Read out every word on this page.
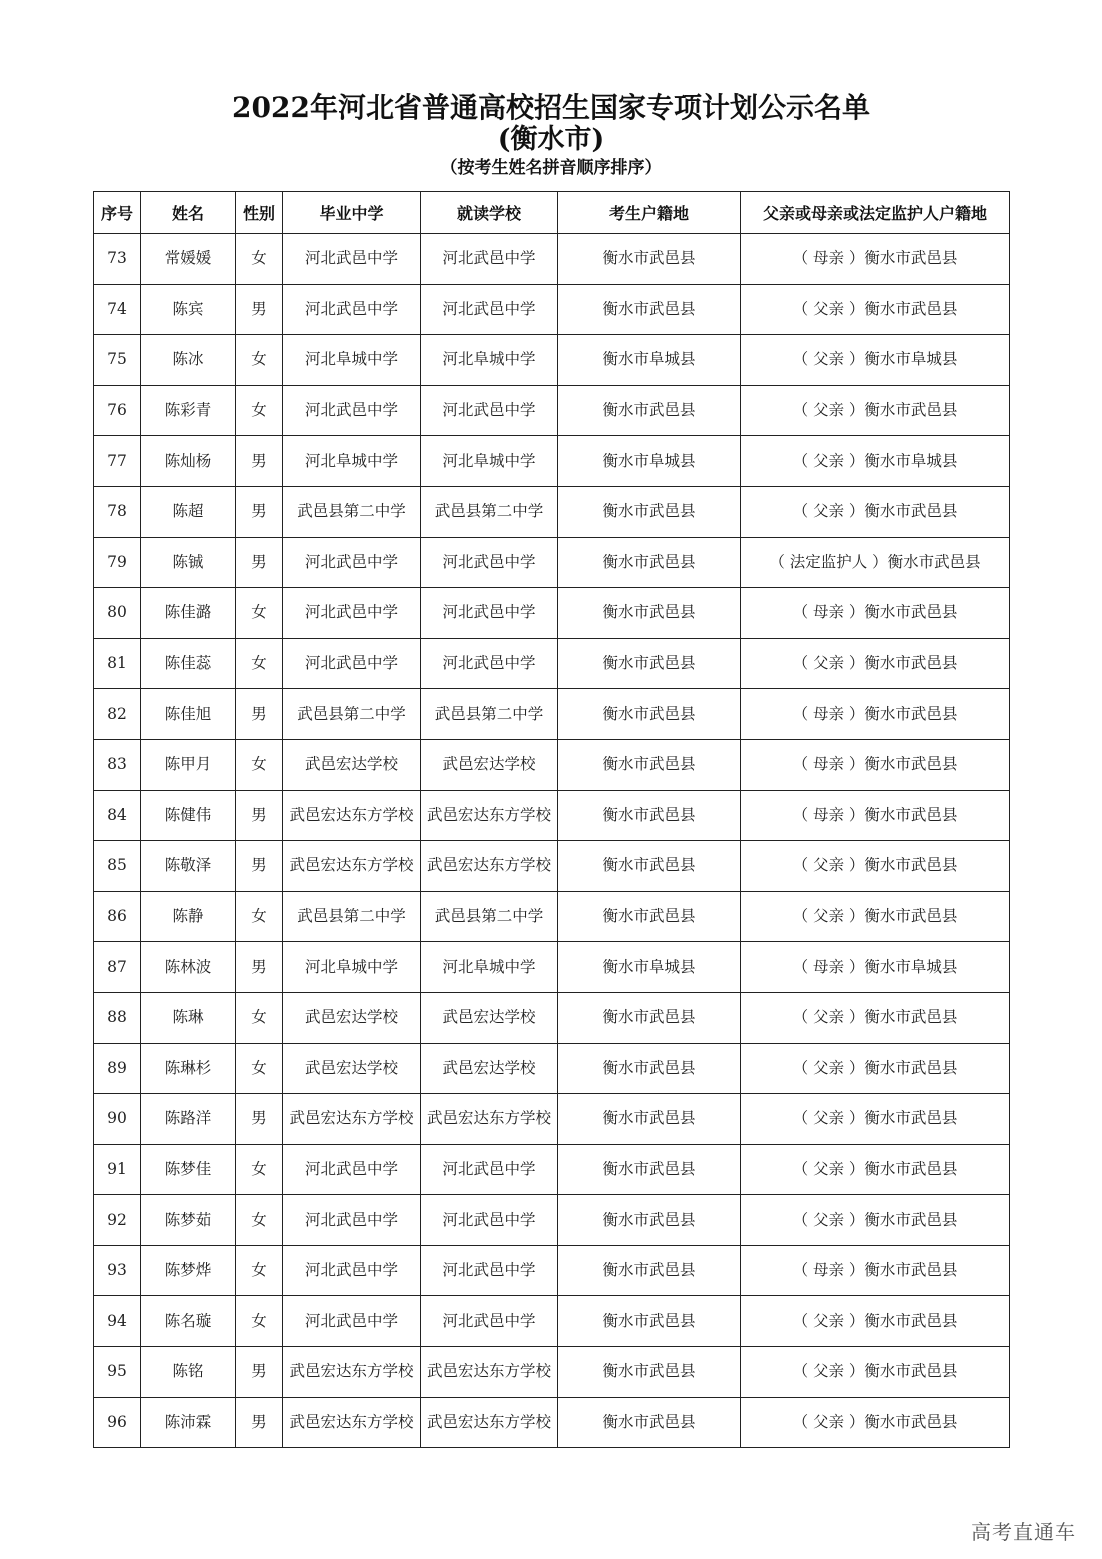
2022年河北省普通高校招生国家专项计划公示名单
(衡水市)
（按考生姓名拼音顺序排序）
序号	姓名	性别	毕业中学	就读学校	考生户籍地	父亲或母亲或法定监护人户籍地
73	常媛媛	女	河北武邑中学	河北武邑中学	衡水市武邑县	（ 母亲 ）衡水市武邑县
74	陈宾	男	河北武邑中学	河北武邑中学	衡水市武邑县	（ 父亲 ）衡水市武邑县
75	陈冰	女	河北阜城中学	河北阜城中学	衡水市阜城县	（ 父亲 ）衡水市阜城县
76	陈彩青	女	河北武邑中学	河北武邑中学	衡水市武邑县	（ 父亲 ）衡水市武邑县
77	陈灿杨	男	河北阜城中学	河北阜城中学	衡水市阜城县	（ 父亲 ）衡水市阜城县
78	陈超	男	武邑县第二中学	武邑县第二中学	衡水市武邑县	（ 父亲 ）衡水市武邑县
79	陈铖	男	河北武邑中学	河北武邑中学	衡水市武邑县	（ 法定监护人 ）衡水市武邑县
80	陈佳潞	女	河北武邑中学	河北武邑中学	衡水市武邑县	（ 母亲 ）衡水市武邑县
81	陈佳蕊	女	河北武邑中学	河北武邑中学	衡水市武邑县	（ 父亲 ）衡水市武邑县
82	陈佳旭	男	武邑县第二中学	武邑县第二中学	衡水市武邑县	（ 母亲 ）衡水市武邑县
83	陈甲月	女	武邑宏达学校	武邑宏达学校	衡水市武邑县	（ 母亲 ）衡水市武邑县
84	陈健伟	男	武邑宏达东方学校	武邑宏达东方学校	衡水市武邑县	（ 母亲 ）衡水市武邑县
85	陈敬泽	男	武邑宏达东方学校	武邑宏达东方学校	衡水市武邑县	（ 父亲 ）衡水市武邑县
86	陈静	女	武邑县第二中学	武邑县第二中学	衡水市武邑县	（ 父亲 ）衡水市武邑县
87	陈林波	男	河北阜城中学	河北阜城中学	衡水市阜城县	（ 母亲 ）衡水市阜城县
88	陈琳	女	武邑宏达学校	武邑宏达学校	衡水市武邑县	（ 父亲 ）衡水市武邑县
89	陈琳杉	女	武邑宏达学校	武邑宏达学校	衡水市武邑县	（ 父亲 ）衡水市武邑县
90	陈路洋	男	武邑宏达东方学校	武邑宏达东方学校	衡水市武邑县	（ 父亲 ）衡水市武邑县
91	陈梦佳	女	河北武邑中学	河北武邑中学	衡水市武邑县	（ 父亲 ）衡水市武邑县
92	陈梦茹	女	河北武邑中学	河北武邑中学	衡水市武邑县	（ 父亲 ）衡水市武邑县
93	陈梦烨	女	河北武邑中学	河北武邑中学	衡水市武邑县	（ 母亲 ）衡水市武邑县
94	陈名璇	女	河北武邑中学	河北武邑中学	衡水市武邑县	（ 父亲 ）衡水市武邑县
95	陈铭	男	武邑宏达东方学校	武邑宏达东方学校	衡水市武邑县	（ 父亲 ）衡水市武邑县
96	陈沛霖	男	武邑宏达东方学校	武邑宏达东方学校	衡水市武邑县	（ 父亲 ）衡水市武邑县
高考直通车
